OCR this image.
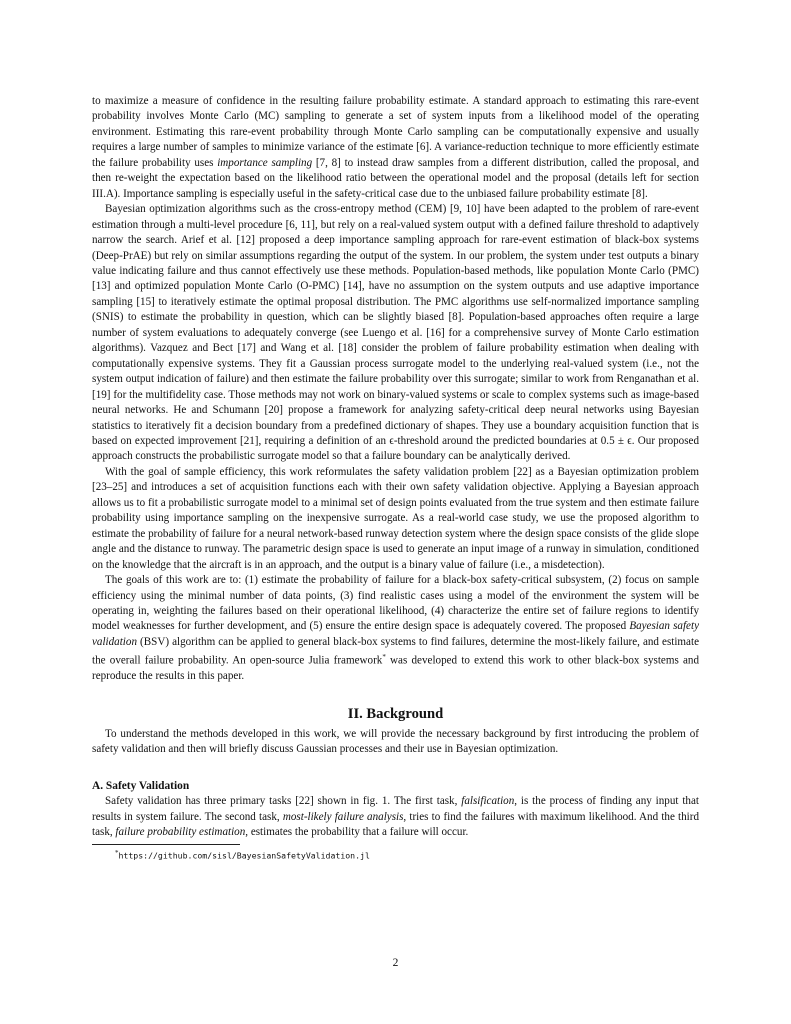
to maximize a measure of confidence in the resulting failure probability estimate. A standard approach to estimating this rare-event probability involves Monte Carlo (MC) sampling to generate a set of system inputs from a likelihood model of the operating environment. Estimating this rare-event probability through Monte Carlo sampling can be computationally expensive and usually requires a large number of samples to minimize variance of the estimate [6]. A variance-reduction technique to more efficiently estimate the failure probability uses importance sampling [7, 8] to instead draw samples from a different distribution, called the proposal, and then re-weight the expectation based on the likelihood ratio between the operational model and the proposal (details left for section III.A). Importance sampling is especially useful in the safety-critical case due to the unbiased failure probability estimate [8].

Bayesian optimization algorithms such as the cross-entropy method (CEM) [9, 10] have been adapted to the problem of rare-event estimation through a multi-level procedure [6, 11], but rely on a real-valued system output with a defined failure threshold to adaptively narrow the search. Arief et al. [12] proposed a deep importance sampling approach for rare-event estimation of black-box systems (Deep-PrAE) but rely on similar assumptions regarding the output of the system. In our problem, the system under test outputs a binary value indicating failure and thus cannot effectively use these methods. Population-based methods, like population Monte Carlo (PMC) [13] and optimized population Monte Carlo (O-PMC) [14], have no assumption on the system outputs and use adaptive importance sampling [15] to iteratively estimate the optimal proposal distribution. The PMC algorithms use self-normalized importance sampling (SNIS) to estimate the probability in question, which can be slightly biased [8]. Population-based approaches often require a large number of system evaluations to adequately converge (see Luengo et al. [16] for a comprehensive survey of Monte Carlo estimation algorithms). Vazquez and Bect [17] and Wang et al. [18] consider the problem of failure probability estimation when dealing with computationally expensive systems. They fit a Gaussian process surrogate model to the underlying real-valued system (i.e., not the system output indication of failure) and then estimate the failure probability over this surrogate; similar to work from Renganathan et al. [19] for the multifidelity case. Those methods may not work on binary-valued systems or scale to complex systems such as image-based neural networks. He and Schumann [20] propose a framework for analyzing safety-critical deep neural networks using Bayesian statistics to iteratively fit a decision boundary from a predefined dictionary of shapes. They use a boundary acquisition function that is based on expected improvement [21], requiring a definition of an ϵ-threshold around the predicted boundaries at 0.5 ± ϵ. Our proposed approach constructs the probabilistic surrogate model so that a failure boundary can be analytically derived.

With the goal of sample efficiency, this work reformulates the safety validation problem [22] as a Bayesian optimization problem [23–25] and introduces a set of acquisition functions each with their own safety validation objective. Applying a Bayesian approach allows us to fit a probabilistic surrogate model to a minimal set of design points evaluated from the true system and then estimate failure probability using importance sampling on the inexpensive surrogate. As a real-world case study, we use the proposed algorithm to estimate the probability of failure for a neural network-based runway detection system where the design space consists of the glide slope angle and the distance to runway. The parametric design space is used to generate an input image of a runway in simulation, conditioned on the knowledge that the aircraft is in an approach, and the output is a binary value of failure (i.e., a misdetection).

The goals of this work are to: (1) estimate the probability of failure for a black-box safety-critical subsystem, (2) focus on sample efficiency using the minimal number of data points, (3) find realistic cases using a model of the environment the system will be operating in, weighting the failures based on their operational likelihood, (4) characterize the entire set of failure regions to identify model weaknesses for further development, and (5) ensure the entire design space is adequately covered. The proposed Bayesian safety validation (BSV) algorithm can be applied to general black-box systems to find failures, determine the most-likely failure, and estimate the overall failure probability. An open-source Julia framework* was developed to extend this work to other black-box systems and reproduce the results in this paper.

II. Background

To understand the methods developed in this work, we will provide the necessary background by first introducing the problem of safety validation and then will briefly discuss Gaussian processes and their use in Bayesian optimization.

A. Safety Validation

Safety validation has three primary tasks [22] shown in fig. 1. The first task, falsification, is the process of finding any input that results in system failure. The second task, most-likely failure analysis, tries to find the failures with maximum likelihood. And the third task, failure probability estimation, estimates the probability that a failure will occur.

*https://github.com/sisl/BayesianSafetyValidation.jl
2
